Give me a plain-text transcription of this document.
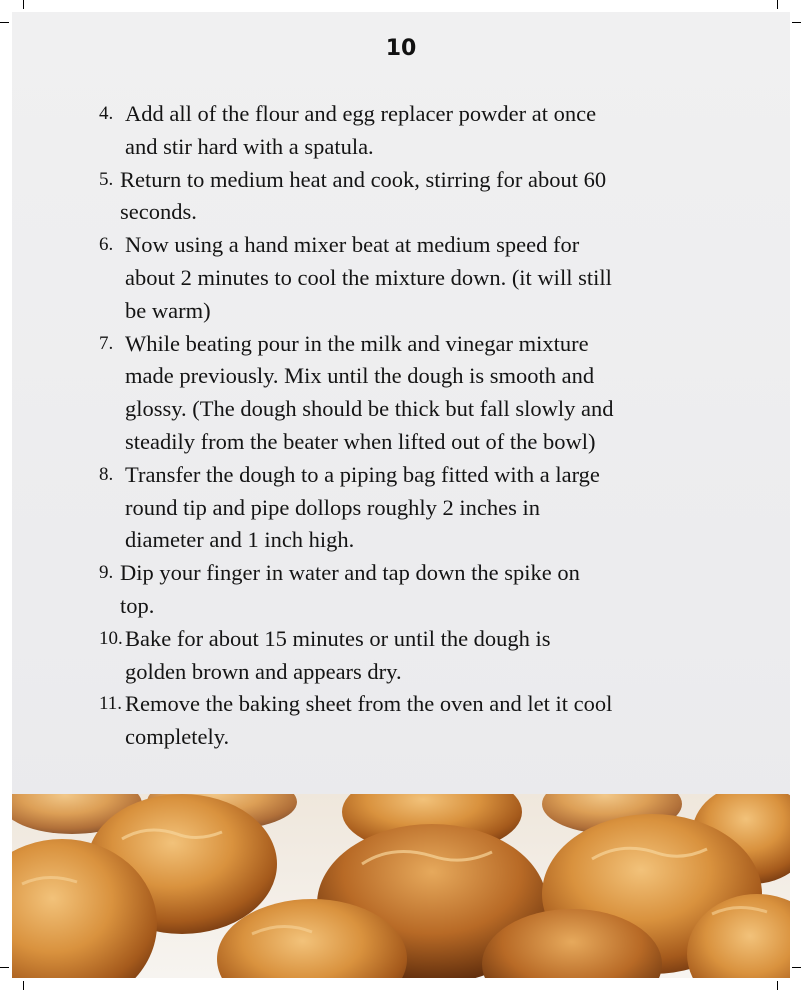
10
4. Add all of the flour and egg replacer powder at once
and stir hard with a spatula.
5. Return to medium heat and cook, stirring for about 60
seconds.
6. Now using a hand mixer beat at medium speed for
about 2 minutes to cool the mixture down. (it will still
be warm)
7. While beating pour in the milk and vinegar mixture
made previously. Mix until the dough is smooth and
glossy. (The dough should be thick but fall slowly and
steadily from the beater when lifted out of the bowl)
8. Transfer the dough to a piping bag fitted with a large
round tip and pipe dollops roughly 2 inches in
diameter and 1 inch high.
9. Dip your finger in water and tap down the spike on
top.
10. Bake for about 15 minutes or until the dough is
golden brown and appears dry.
11. Remove the baking sheet from the oven and let it cool
completely.
